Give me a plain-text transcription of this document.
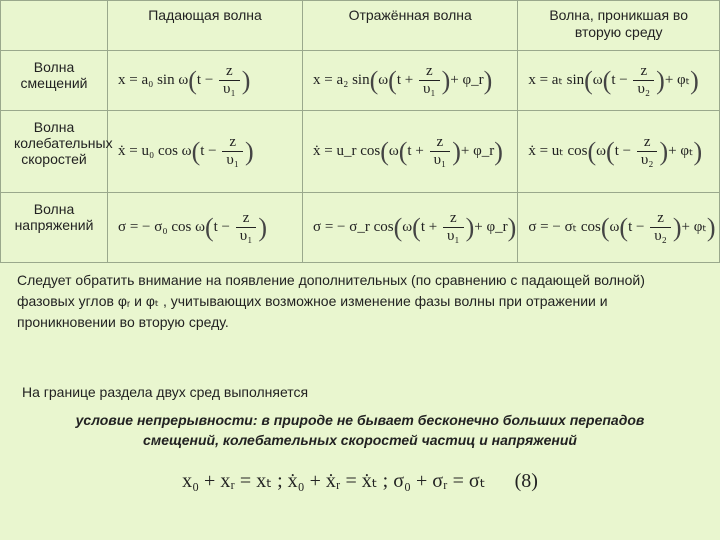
	Падающая волна	Отражённая волна	Волна, проникшая во вторую среду

Волна смещений	x = a₀ $\sin \omega(t - \frac{z}{\text{υ₁}}$ )	x = a₂ $\sin(\omega(t + \frac{z}{\text{υ₁}}$ )+ φ_r)	x = aₜ $\sin(\omega(t - \frac{z}{\text{υ₂}}$ )+ φₜ)

Волна колебательных скоростей	ẋ = u₀ $\cos \omega(t - \frac{z}{\text{υ₁}}$ )	ẋ = u_r $\cos(\omega(t + \frac{z}{\text{υ₁}}$ )+ φ_r)	ẋ = uₜ $\cos(\omega(t - \frac{z}{\text{υ₂}}$ )+ φₜ)

Волна напряжений	σ = − σ₀ $\cos \omega(t - \frac{z}{\text{υ₁}}$ )	σ = − σ_r $\cos(\omega(t + \frac{z}{\text{υ₁}}$ )+ φ_r)	σ = − σₜ $\cos(\omega(t - \frac{z}{\text{υ₂}}$ )+ φₜ)
Следует обратить внимание на появление дополнительных (по сравнению с падающей волной) фазовых углов φᵣ и φₜ , учитывающих возможное изменение фазы волны при отражении и проникновении во вторую среду.
На границе раздела двух сред выполняется
условие непрерывности: в природе не бывает бесконечно больших перепадов смещений, колебательных скоростей частиц и напряжений
x₀ + xᵣ = xₜ ; ẋ₀ + ẋᵣ = ẋₜ ; σ₀ + σᵣ = σₜ (8)
